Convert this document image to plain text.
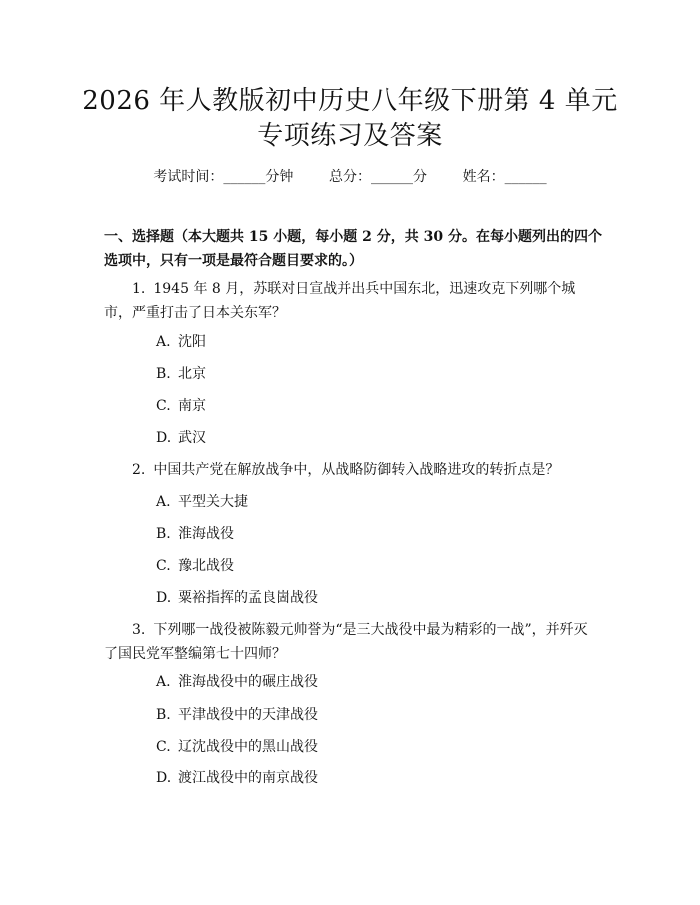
2026 年人教版初中历史八年级下册第 4 单元
专项练习及答案
考试时间：______分钟	总分：______分	姓名：______
一、选择题（本大题共 15 小题，每小题 2 分，共 30 分。在每小题列出的四个选项中，只有一项是最符合题目要求的。）
1. 1945 年 8 月，苏联对日宣战并出兵中国东北，迅速攻克下列哪个城市，严重打击了日本关东军？
A. 沈阳
B. 北京
C. 南京
D. 武汉
2. 中国共产党在解放战争中，从战略防御转入战略进攻的转折点是？
A. 平型关大捷
B. 淮海战役
C. 豫北战役
D. 粟裕指挥的孟良崮战役
3. 下列哪一战役被陈毅元帅誉为“是三大战役中最为精彩的一战”，并歼灭了国民党军整编第七十四师？
A. 淮海战役中的碾庄战役
B. 平津战役中的天津战役
C. 辽沈战役中的黑山战役
D. 渡江战役中的南京战役
